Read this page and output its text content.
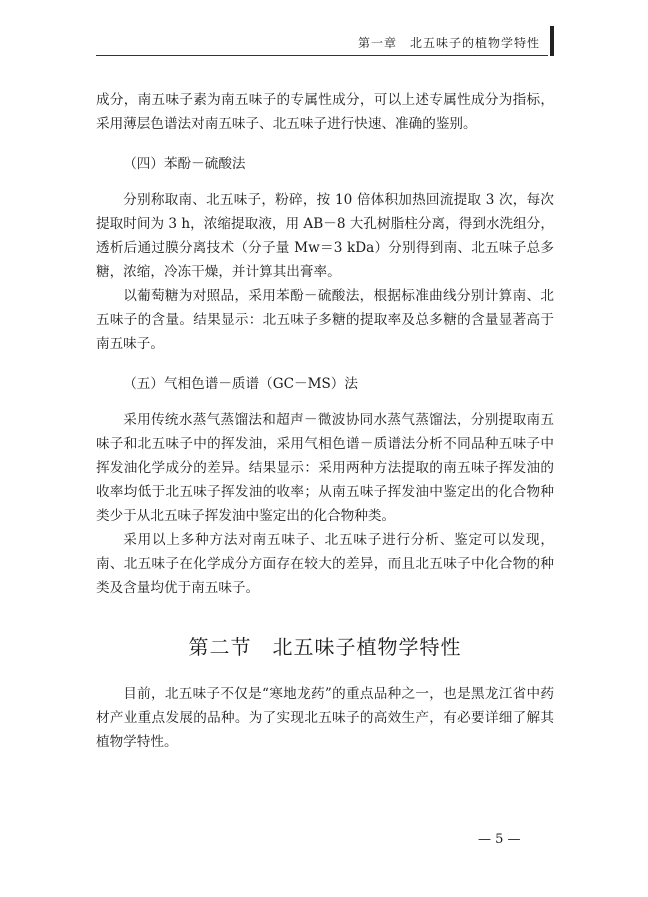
第一章　北五味子的植物学特性

成分，南五味子素为南五味子的专属性成分，可以上述专属性成分为指标，采用薄层色谱法对南五味子、北五味子进行快速、准确的鉴别。

（四）苯酚－硫酸法

分别称取南、北五味子，粉碎，按 10 倍体积加热回流提取 3 次，每次提取时间为 3 h，浓缩提取液，用 AB－8 大孔树脂柱分离，得到水洗组分，透析后通过膜分离技术（分子量 Mw＝3 kDa）分别得到南、北五味子总多糖，浓缩，冷冻干燥，并计算其出膏率。

以葡萄糖为对照品，采用苯酚－硫酸法，根据标准曲线分别计算南、北五味子的含量。结果显示：北五味子多糖的提取率及总多糖的含量显著高于南五味子。

（五）气相色谱－质谱（GC－MS）法

采用传统水蒸气蒸馏法和超声－微波协同水蒸气蒸馏法，分别提取南五味子和北五味子中的挥发油，采用气相色谱－质谱法分析不同品种五味子中挥发油化学成分的差异。结果显示：采用两种方法提取的南五味子挥发油的收率均低于北五味子挥发油的收率；从南五味子挥发油中鉴定出的化合物种类少于从北五味子挥发油中鉴定出的化合物种类。

采用以上多种方法对南五味子、北五味子进行分析、鉴定可以发现，南、北五味子在化学成分方面存在较大的差异，而且北五味子中化合物的种类及含量均优于南五味子。

第二节　北五味子植物学特性

目前，北五味子不仅是“寒地龙药”的重点品种之一，也是黑龙江省中药材产业重点发展的品种。为了实现北五味子的高效生产，有必要详细了解其植物学特性。

— 5 —
